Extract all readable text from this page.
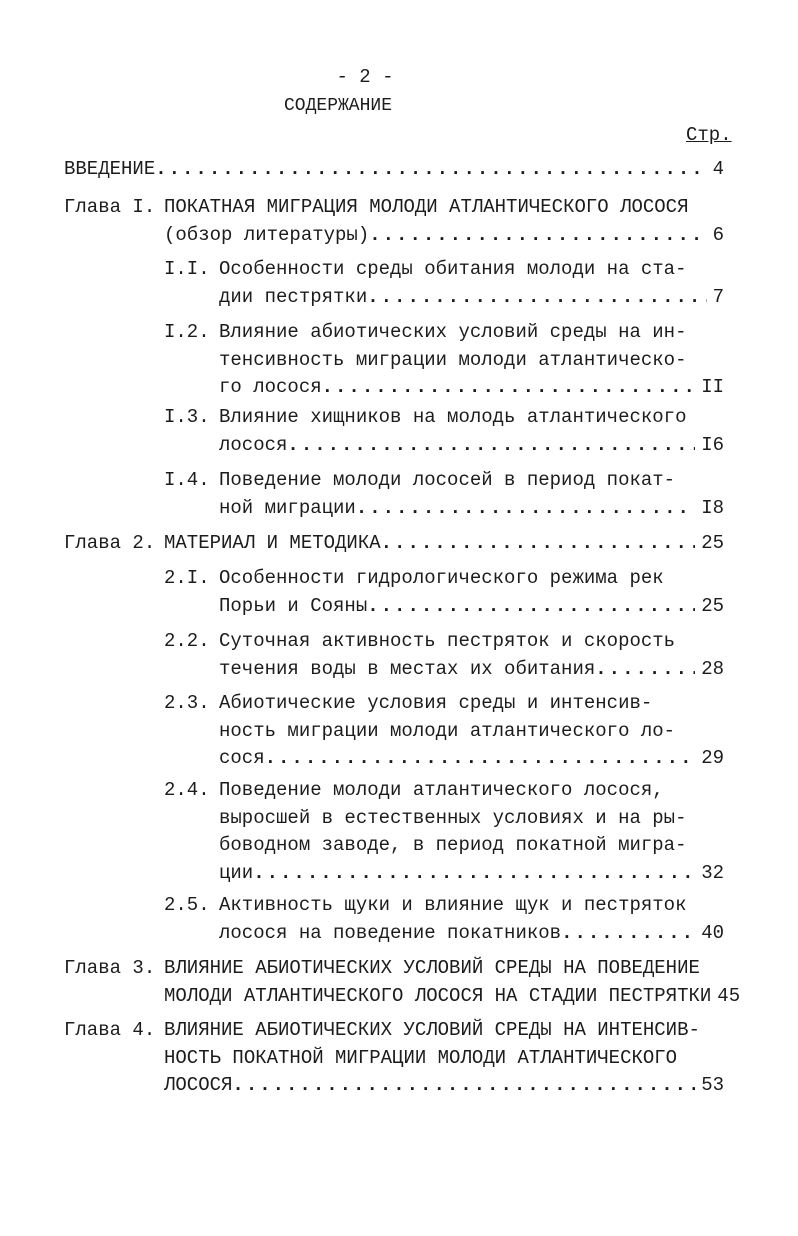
- 2 -
СОДЕРЖАНИЕ
Стр.
ВВЕДЕНИЕ .....	4
Глава I. ПОКАТНАЯ МИГРАЦИЯ МОЛОДИ АТЛАНТИЧЕСКОГО ЛОСОСЯ
(обзор литературы) .....	6
I.I. Особенности среды обитания молоди на ста-
дии пестрятки .....	7
I.2. Влияние абиотических условий среды на ин-
тенсивность миграции молоди атлантическо-
го лосося .....	II
I.3. Влияние хищников на молодь атлантического
лосося .....	I6
I.4. Поведение молоди лососей в период покат-
ной миграции .....	I8
Глава 2. МАТЕРИАЛ И МЕТОДИКА .....	25
2.I. Особенности гидрологического режима рек
Порьи и Сояны .....	25
2.2. Суточная активность пестряток и скорость
течения воды в местах их обитания .....	28
2.3. Абиотические условия среды и интенсив-
ность миграции молоди атлантического ло-
сося .....	29
2.4. Поведение молоди атлантического лосося,
выросшей в естественных условиях и на ры-
боводном заводе, в период покатной мигра-
ции .....	32
2.5. Активность щуки и влияние щук и пестряток
лосося на поведение покатников .....	40
Глава 3. ВЛИЯНИЕ АБИОТИЧЕСКИХ УСЛОВИЙ СРЕДЫ НА ПОВЕДЕНИЕ
МОЛОДИ АТЛАНТИЧЕСКОГО ЛОСОСЯ НА СТАДИИ ПЕСТРЯТКИ 45
Глава 4. ВЛИЯНИЕ АБИОТИЧЕСКИХ УСЛОВИЙ СРЕДЫ НА ИНТЕНСИВ-
НОСТЬ ПОКАТНОЙ МИГРАЦИИ МОЛОДИ АТЛАНТИЧЕСКОГО
ЛОСОСЯ .....	53
